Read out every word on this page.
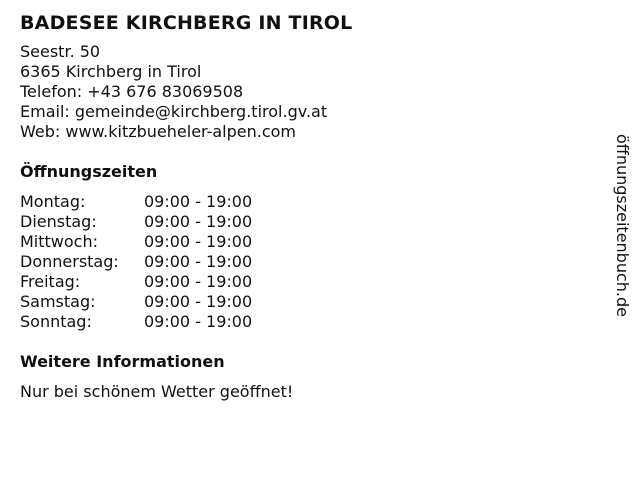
BADESEE KIRCHBERG IN TIROL
Seestr. 50
6365 Kirchberg in Tirol
Telefon: +43 676 83069508
Email: gemeinde@kirchberg.tirol.gv.at
Web: www.kitzbueheler-alpen.com
Öffnungszeiten
Montag:	09:00 - 19:00
Dienstag:	09:00 - 19:00
Mittwoch:	09:00 - 19:00
Donnerstag:	09:00 - 19:00
Freitag:	09:00 - 19:00
Samstag:	09:00 - 19:00
Sonntag:	09:00 - 19:00
Weitere Informationen
Nur bei schönem Wetter geöffnet!
öffnungszeitenbuch.de
